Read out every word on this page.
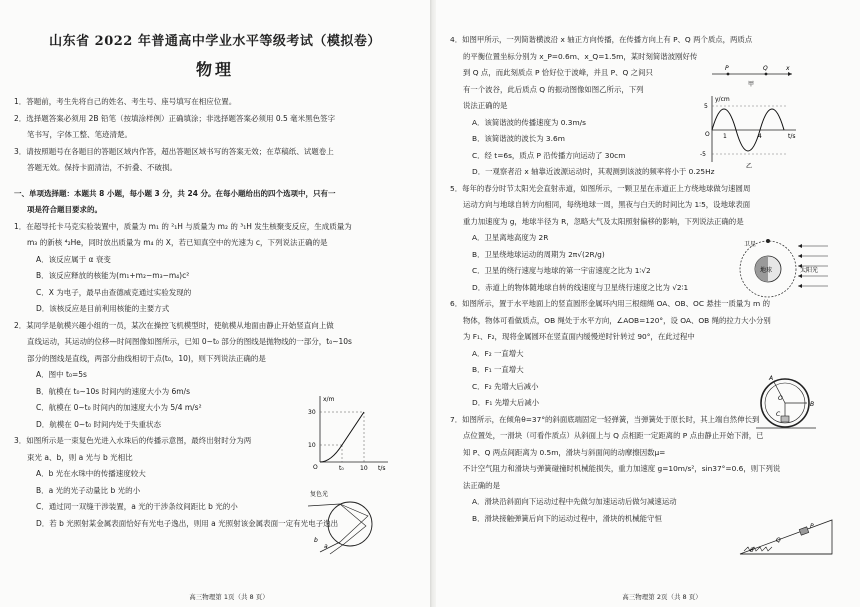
山东省 2022 年普通高中学业水平等级考试（模拟卷）
物理
1．答题前，考生先将自己的姓名、考生号、座号填写在相应位置。
2．选择题答案必须用 2B 铅笔（按填涂样例）正确填涂；非选择题答案必须用 0.5 毫米黑色签字
笔书写，字体工整、笔迹清楚。
3．请按照题号在各题目的答题区域内作答，超出答题区域书写的答案无效；在草稿纸、试题卷上
答题无效。保持卡面清洁，不折叠、不破损。
一、单项选择题：本题共 8 小题，每小题 3 分，共 24 分。在每小题给出的四个选项中，只有一
项是符合题目要求的。
1．在超导托卡马克实验装置中，质量为 m₁ 的 ²₁H 与质量为 m₂ 的 ³₁H 发生核聚变反应，生成质量为
m₃ 的新核 ⁴₂He，同时放出质量为 m₄ 的 X，若已知真空中的光速为 c，下列说法正确的是
A．该反应属于 α 衰变
B．该反应释放的核能为(m₁+m₂−m₃−m₄)c²
C．X 为电子，最早由查德威克通过实验发现的
D．该核反应是目前利用核能的主要方式
2．某同学是航模兴趣小组的一员，某次在操控飞机模型时，使航模从地面由静止开始竖直向上做
直线运动，其运动的位移—时间图像如图所示，已知 0~t₀ 部分的图线是抛物线的一部分，t₀~10s
部分的图线是直线，两部分曲线相切于点(t₀，10)，则下列说法正确的是
A．图中 t₀=5s
B．航模在 t₀~10s 时间内的速度大小为 6m/s
C．航模在 0~t₀ 时间内的加速度大小为 5/4 m/s²
D．航模在 0~t₀ 时间内处于失重状态
3．如图所示是一束复色光进入水珠后的传播示意图，最终出射时分为两
束光 a、b，则 a 光与 b 光相比
A．b 光在水珠中的传播速度较大
B．a 光的光子动量比 b 光的小
C．通过同一双缝干涉装置，a 光的干涉条纹间距比 b 光的小
D．若 b 光照射某金属表面恰好有光电子逸出，则用 a 光照射该金属表面一定有光电子逸出
x/m
30
10
O	t₀	10 t/s
复色光
a
b
高三物理第 1页（共 8 页）
4．如图甲所示，一列简谐横波沿 x 轴正方向传播，在传播方向上有 P、Q 两个质点，两质点
的平衡位置坐标分别为 x_P=0.6m、x_Q=1.5m，某时刻简谐波刚好传
到 Q 点，而此刻质点 P 恰好位于波峰，并且 P、Q 之间只
有一个波谷，此后质点 Q 的振动图像如图乙所示，下列
说法正确的是
A．该简谐波的传播速度为 0.3m/s
B．该简谐波的波长为 3.6m
C．经 t=6s，质点 P 沿传播方向运动了 30cm
D．一观察者沿 x 轴靠近波源运动时，其观测到该波的频率将小于 0.25Hz
5．每年的春分时节太阳光会直射赤道，如图所示，一颗卫星在赤道正上方绕地球做匀速圆周
运动方向与地球自转方向相同，每绕地球一周，黑夜与白天的时间比为 1∶5，设地球表面
重力加速度为 g，地球半径为 R，忽略大气及太阳照射偏移的影响，下列说法正确的是
A．卫星离地高度为 2R
B．卫星绕地球运动的周期为 2π√(2R/g)
C．卫星的绕行速度与地球的第一宇宙速度之比为 1∶√2
D．赤道上的物体随地球自转的线速度与卫星绕行速度之比为 √2∶1
6．如图所示，置于水平地面上的竖直圆形金属环内用三根细绳 OA、OB、OC 悬挂一质量为 m 的
物体，物体可看做质点，OB 绳处于水平方向，∠AOB=120°，设 OA、OB 绳的拉力大小分别
为 F₁、F₂，现将金属圆环在竖直面内缓慢逆时针转过 90°，在此过程中
A．F₂ 一直增大
B．F₁ 一直增大
C．F₂ 先增大后减小
D．F₁ 先增大后减小
7．如图所示，在倾角θ=37°的斜面底端固定一轻弹簧，当弹簧处于原长时，其上端自然伸长到
点位置处，一滑块（可看作质点）从斜面上与 Q 点相距一定距离的 P 点由静止开始下滑，已
知 P、Q 两点间距离为 0.5m，滑块与斜面间的动摩擦因数μ=
不计空气阻力和滑块与弹簧碰撞时机械能损失，重力加速度 g=10m/s²，sin37°=0.6，则下列说
法正确的是
A．滑块沿斜面向下运动过程中先做匀加速运动后做匀减速运动
B．滑块接触弹簧后向下的运动过程中，滑块的机械能守恒
P	Q	x
甲
y/cm
5
-5
O 1	4	t/s
乙
太阳光
卫星
地球
A
B
O
C
P
Q
θ
高三物理第 2页（共 8 页）
